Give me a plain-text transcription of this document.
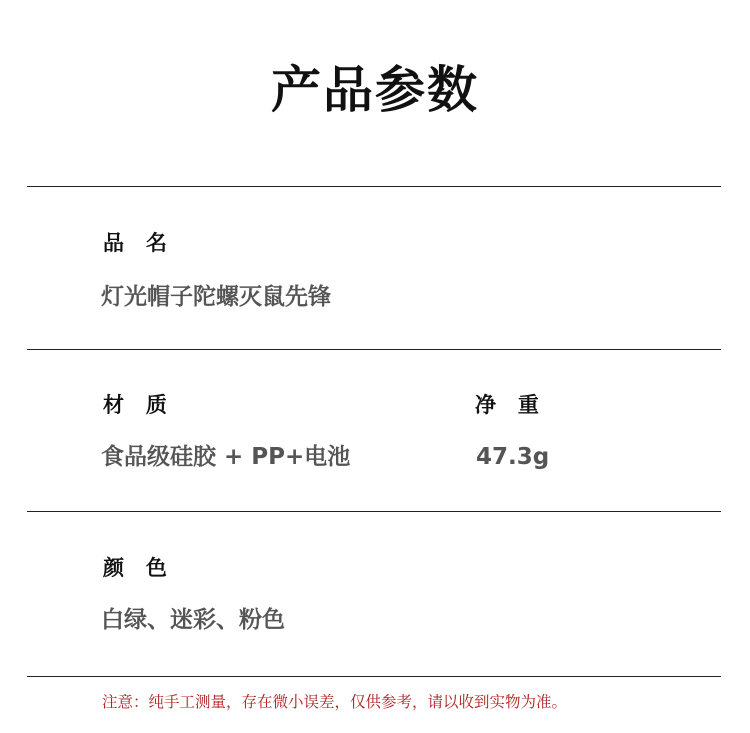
产品参数
品   名
灯光帽子陀螺灭鼠先锋
材   质
食品级硅胶 + PP+电池
净   重
47.3g
颜   色
白绿、迷彩、粉色
注意：纯手工测量，存在微小误差，仅供参考，请以收到实物为准。
